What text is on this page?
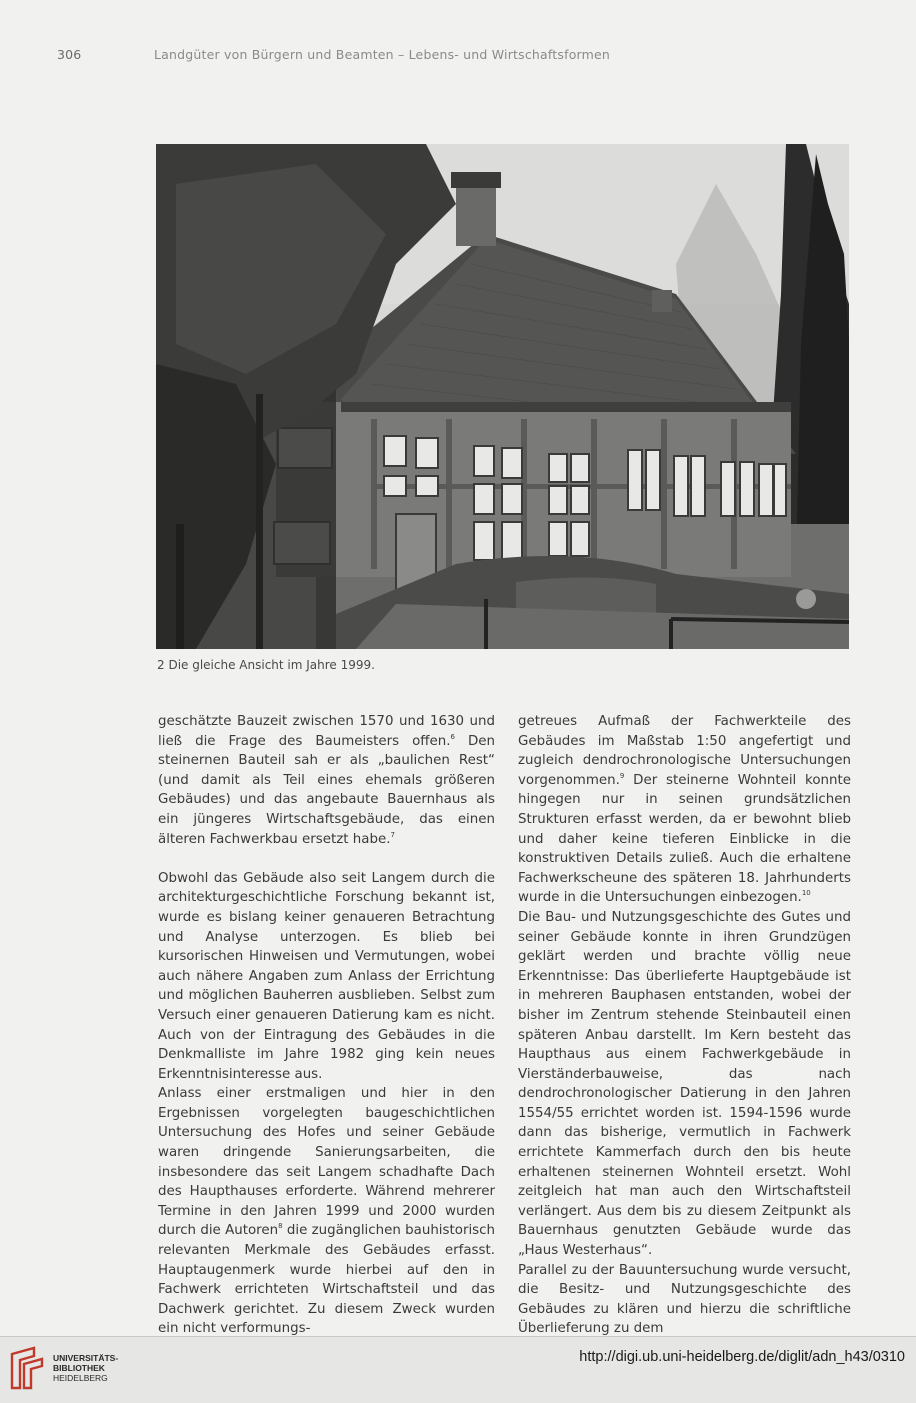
306	Landgüter von Bürgern und Beamten – Lebens- und Wirtschaftsformen
2 Die gleiche Ansicht im Jahre 1999.

geschätzte Bauzeit zwischen 1570 und 1630 und ließ die Frage des Baumeisters offen.$^6$ Den steinernen Bauteil sah er als „baulichen Rest“ (und damit als Teil eines ehemals größeren Gebäudes) und das angebaute Bauernhaus als ein jüngeres Wirtschaftsgebäude, das einen älteren Fachwerkbau ersetzt habe.$^7$

Obwohl das Gebäude also seit Langem durch die architekturgeschichtliche Forschung bekannt ist, wurde es bislang keiner genaueren Betrachtung und Analyse unterzogen. Es blieb bei kursorischen Hinweisen und Vermutungen, wobei auch nähere Angaben zum Anlass der Errichtung und möglichen Bauherren ausblieben. Selbst zum Versuch einer genaueren Datierung kam es nicht. Auch von der Eintragung des Gebäudes in die Denkmalliste im Jahre 1982 ging kein neues Erkenntnisinteresse aus.

Anlass einer erstmaligen und hier in den Ergebnissen vorgelegten baugeschichtlichen Untersuchung des Hofes und seiner Gebäude waren dringende Sanierungsarbeiten, die insbesondere das seit Langem schadhafte Dach des Haupthauses erforderte. Während mehrerer Termine in den Jahren 1999 und 2000 wurden durch die Autoren$^8$ die zugänglichen bauhistorisch relevanten Merkmale des Gebäudes erfasst. Hauptaugenmerk wurde hierbei auf den in Fachwerk errichteten Wirtschaftsteil und das Dachwerk gerichtet. Zu diesem Zweck wurden ein nicht verformungs-

getreues Aufmaß der Fachwerkteile des Gebäudes im Maßstab 1:50 angefertigt und zugleich dendrochronologische Untersuchungen vorgenommen.$^9$ Der steinerne Wohnteil konnte hingegen nur in seinen grundsätzlichen Strukturen erfasst werden, da er bewohnt blieb und daher keine tieferen Einblicke in die konstruktiven Details zuließ. Auch die erhaltene Fachwerkscheune des späteren 18. Jahrhunderts wurde in die Untersuchungen einbezogen.$^{10}$

Die Bau- und Nutzungsgeschichte des Gutes und seiner Gebäude konnte in ihren Grundzügen geklärt werden und brachte völlig neue Erkenntnisse: Das überlieferte Hauptgebäude ist in mehreren Bauphasen entstanden, wobei der bisher im Zentrum stehende Steinbauteil einen späteren Anbau darstellt. Im Kern besteht das Haupthaus aus einem Fachwerkgebäude in Vierständerbauweise, das nach dendrochronologischer Datierung in den Jahren 1554/55 errichtet worden ist. 1594-1596 wurde dann das bisherige, vermutlich in Fachwerk errichtete Kammerfach durch den bis heute erhaltenen steinernen Wohnteil ersetzt. Wohl zeitgleich hat man auch den Wirtschaftsteil verlängert. Aus dem bis zu diesem Zeitpunkt als Bauernhaus genutzten Gebäude wurde das „Haus Westerhaus“.

Parallel zu der Bauuntersuchung wurde versucht, die Besitz- und Nutzungsgeschichte des Gebäudes zu klären und hierzu die schriftliche Überlieferung zu dem

UNIVERSITÄTS-
BIBLIOTHEK
HEIDELBERG
http://digi.ub.uni-heidelberg.de/diglit/adn_h43/0310
